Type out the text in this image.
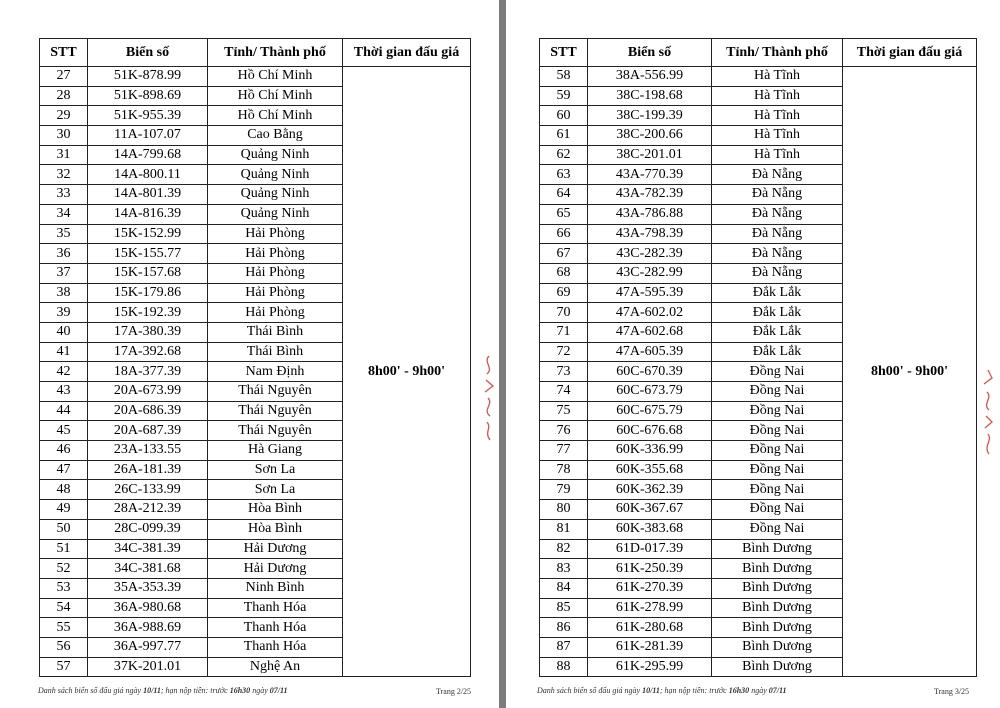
STT	Biển số	Tỉnh/ Thành phố	Thời gian đấu giá
27	51K-878.99	Hồ Chí Minh	8h00' - 9h00'
28	51K-898.69	Hồ Chí Minh	
29	51K-955.39	Hồ Chí Minh	
30	11A-107.07	Cao Bằng	
31	14A-799.68	Quảng Ninh	
32	14A-800.11	Quảng Ninh	
33	14A-801.39	Quảng Ninh	
34	14A-816.39	Quảng Ninh	
35	15K-152.99	Hải Phòng	
36	15K-155.77	Hải Phòng	
37	15K-157.68	Hải Phòng	
38	15K-179.86	Hải Phòng	
39	15K-192.39	Hải Phòng	
40	17A-380.39	Thái Bình	
41	17A-392.68	Thái Bình	
42	18A-377.39	Nam Định	
43	20A-673.99	Thái Nguyên	
44	20A-686.39	Thái Nguyên	
45	20A-687.39	Thái Nguyên	
46	23A-133.55	Hà Giang	
47	26A-181.39	Sơn La	
48	26C-133.99	Sơn La	
49	28A-212.39	Hòa Bình	
50	28C-099.39	Hòa Bình	
51	34C-381.39	Hải Dương	
52	34C-381.68	Hải Dương	
53	35A-353.39	Ninh Bình	
54	36A-980.68	Thanh Hóa	
55	36A-988.69	Thanh Hóa	
56	36A-997.77	Thanh Hóa	
57	37K-201.01	Nghệ An	
Danh sách biển số đấu giá ngày 10/11; hạn nộp tiền: trước 16h30 ngày 07/11	Trang 2/25
STT	Biển số	Tỉnh/ Thành phố	Thời gian đấu giá
58	38A-556.99	Hà Tĩnh	8h00' - 9h00'
59	38C-198.68	Hà Tĩnh	
60	38C-199.39	Hà Tĩnh	
61	38C-200.66	Hà Tĩnh	
62	38C-201.01	Hà Tĩnh	
63	43A-770.39	Đà Nẵng	
64	43A-782.39	Đà Nẵng	
65	43A-786.88	Đà Nẵng	
66	43A-798.39	Đà Nẵng	
67	43C-282.39	Đà Nẵng	
68	43C-282.99	Đà Nẵng	
69	47A-595.39	Đắk Lắk	
70	47A-602.02	Đắk Lắk	
71	47A-602.68	Đắk Lắk	
72	47A-605.39	Đắk Lắk	
73	60C-670.39	Đồng Nai	
74	60C-673.79	Đồng Nai	
75	60C-675.79	Đồng Nai	
76	60C-676.68	Đồng Nai	
77	60K-336.99	Đồng Nai	
78	60K-355.68	Đồng Nai	
79	60K-362.39	Đồng Nai	
80	60K-367.67	Đồng Nai	
81	60K-383.68	Đồng Nai	
82	61D-017.39	Bình Dương	
83	61K-250.39	Bình Dương	
84	61K-270.39	Bình Dương	
85	61K-278.99	Bình Dương	
86	61K-280.68	Bình Dương	
87	61K-281.39	Bình Dương	
88	61K-295.99	Bình Dương	
Danh sách biển số đấu giá ngày 10/11; hạn nộp tiền: trước 16h30 ngày 07/11	Trang 3/25
